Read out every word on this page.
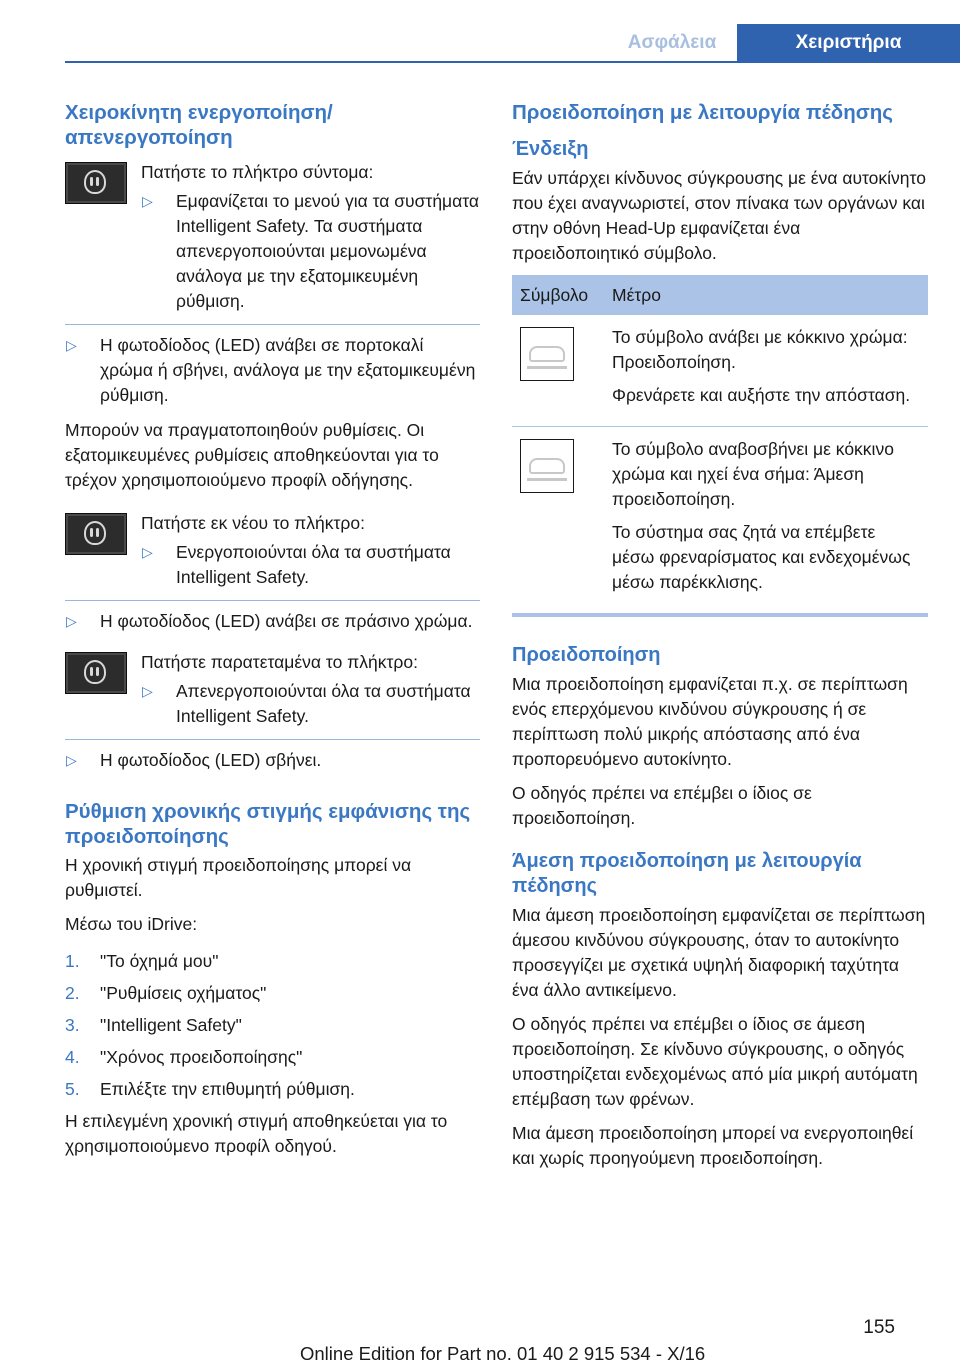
Ασφάλεια	Χειριστήρια
Χειροκίνητη ενεργοποίηση/απενεργοποίηση

Πατήστε το πλήκτρο σύντομα:

▷ Εμφανίζεται το μενού για τα συστήματα Intelligent Safety. Τα συστήματα απενεργοποιούνται μεμονωμένα ανάλογα με την εξατομικευμένη ρύθμιση.
▷ Η φωτοδίοδος (LED) ανάβει σε πορτοκαλί χρώμα ή σβήνει, ανάλογα με την εξατομικευμένη ρύθμιση.

Μπορούν να πραγματοποιηθούν ρυθμίσεις. Οι εξατομικευμένες ρυθμίσεις αποθηκεύονται για το τρέχον χρησιμοποιούμενο προφίλ οδήγησης.

Πατήστε εκ νέου το πλήκτρο:

▷ Ενεργοποιούνται όλα τα συστήματα Intelligent Safety.
▷ Η φωτοδίοδος (LED) ανάβει σε πράσινο χρώμα.

Πατήστε παρατεταμένα το πλήκτρο:

▷ Απενεργοποιούνται όλα τα συστήματα Intelligent Safety.
▷ Η φωτοδίοδος (LED) σβήνει.
Ρύθμιση χρονικής στιγμής εμφάνισης της προειδοποίησης

Η χρονική στιγμή προειδοποίησης μπορεί να ρυθμιστεί.

Μέσω του iDrive:

1. "Το όχημά μου"
2. "Ρυθμίσεις οχήματος"
3. "Intelligent Safety"
4. "Χρόνος προειδοποίησης"
5. Επιλέξτε την επιθυμητή ρύθμιση.

Η επιλεγμένη χρονική στιγμή αποθηκεύεται για το χρησιμοποιούμενο προφίλ οδηγού.

Προειδοποίηση με λειτουργία πέδησης
Ένδειξη

Εάν υπάρχει κίνδυνος σύγκρουσης με ένα αυτοκίνητο που έχει αναγνωριστεί, στον πίνακα των οργάνων και στην οθόνη Head-Up εμφανίζεται ένα προειδοποιητικό σύμβολο.

Σύμβολο	Μέτρο

	Το σύμβολο ανάβει με κόκκινο χρώμα: Προειδοποίηση.

Φρενάρετε και αυξήστε την απόσταση.

	Το σύμβολο αναβοσβήνει με κόκκινο χρώμα και ηχεί ένα σήμα: Άμεση προειδοποίηση.

Το σύστημα σας ζητά να επέμβετε μέσω φρεναρίσματος και ενδεχομένως μέσω παρέκκλισης.

Προειδοποίηση

Μια προειδοποίηση εμφανίζεται π.χ. σε περίπτωση ενός επερχόμενου κινδύνου σύγκρουσης ή σε περίπτωση πολύ μικρής απόστασης από ένα προπορευόμενο αυτοκίνητο.

Ο οδηγός πρέπει να επέμβει ο ίδιος σε προειδοποίηση.

Άμεση προειδοποίηση με λειτουργία πέδησης

Μια άμεση προειδοποίηση εμφανίζεται σε περίπτωση άμεσου κινδύνου σύγκρουσης, όταν το αυτοκίνητο προσεγγίζει με σχετικά υψηλή διαφορική ταχύτητα ένα άλλο αντικείμενο.

Ο οδηγός πρέπει να επέμβει ο ίδιος σε άμεση προειδοποίηση. Σε κίνδυνο σύγκρουσης, ο οδηγός υποστηρίζεται ενδεχομένως από μία μικρή αυτόματη επέμβαση των φρένων.

Μια άμεση προειδοποίηση μπορεί να ενεργοποιηθεί και χωρίς προηγούμενη προειδοποίηση.

155
Online Edition for Part no. 01 40 2 915 534 - X/16
